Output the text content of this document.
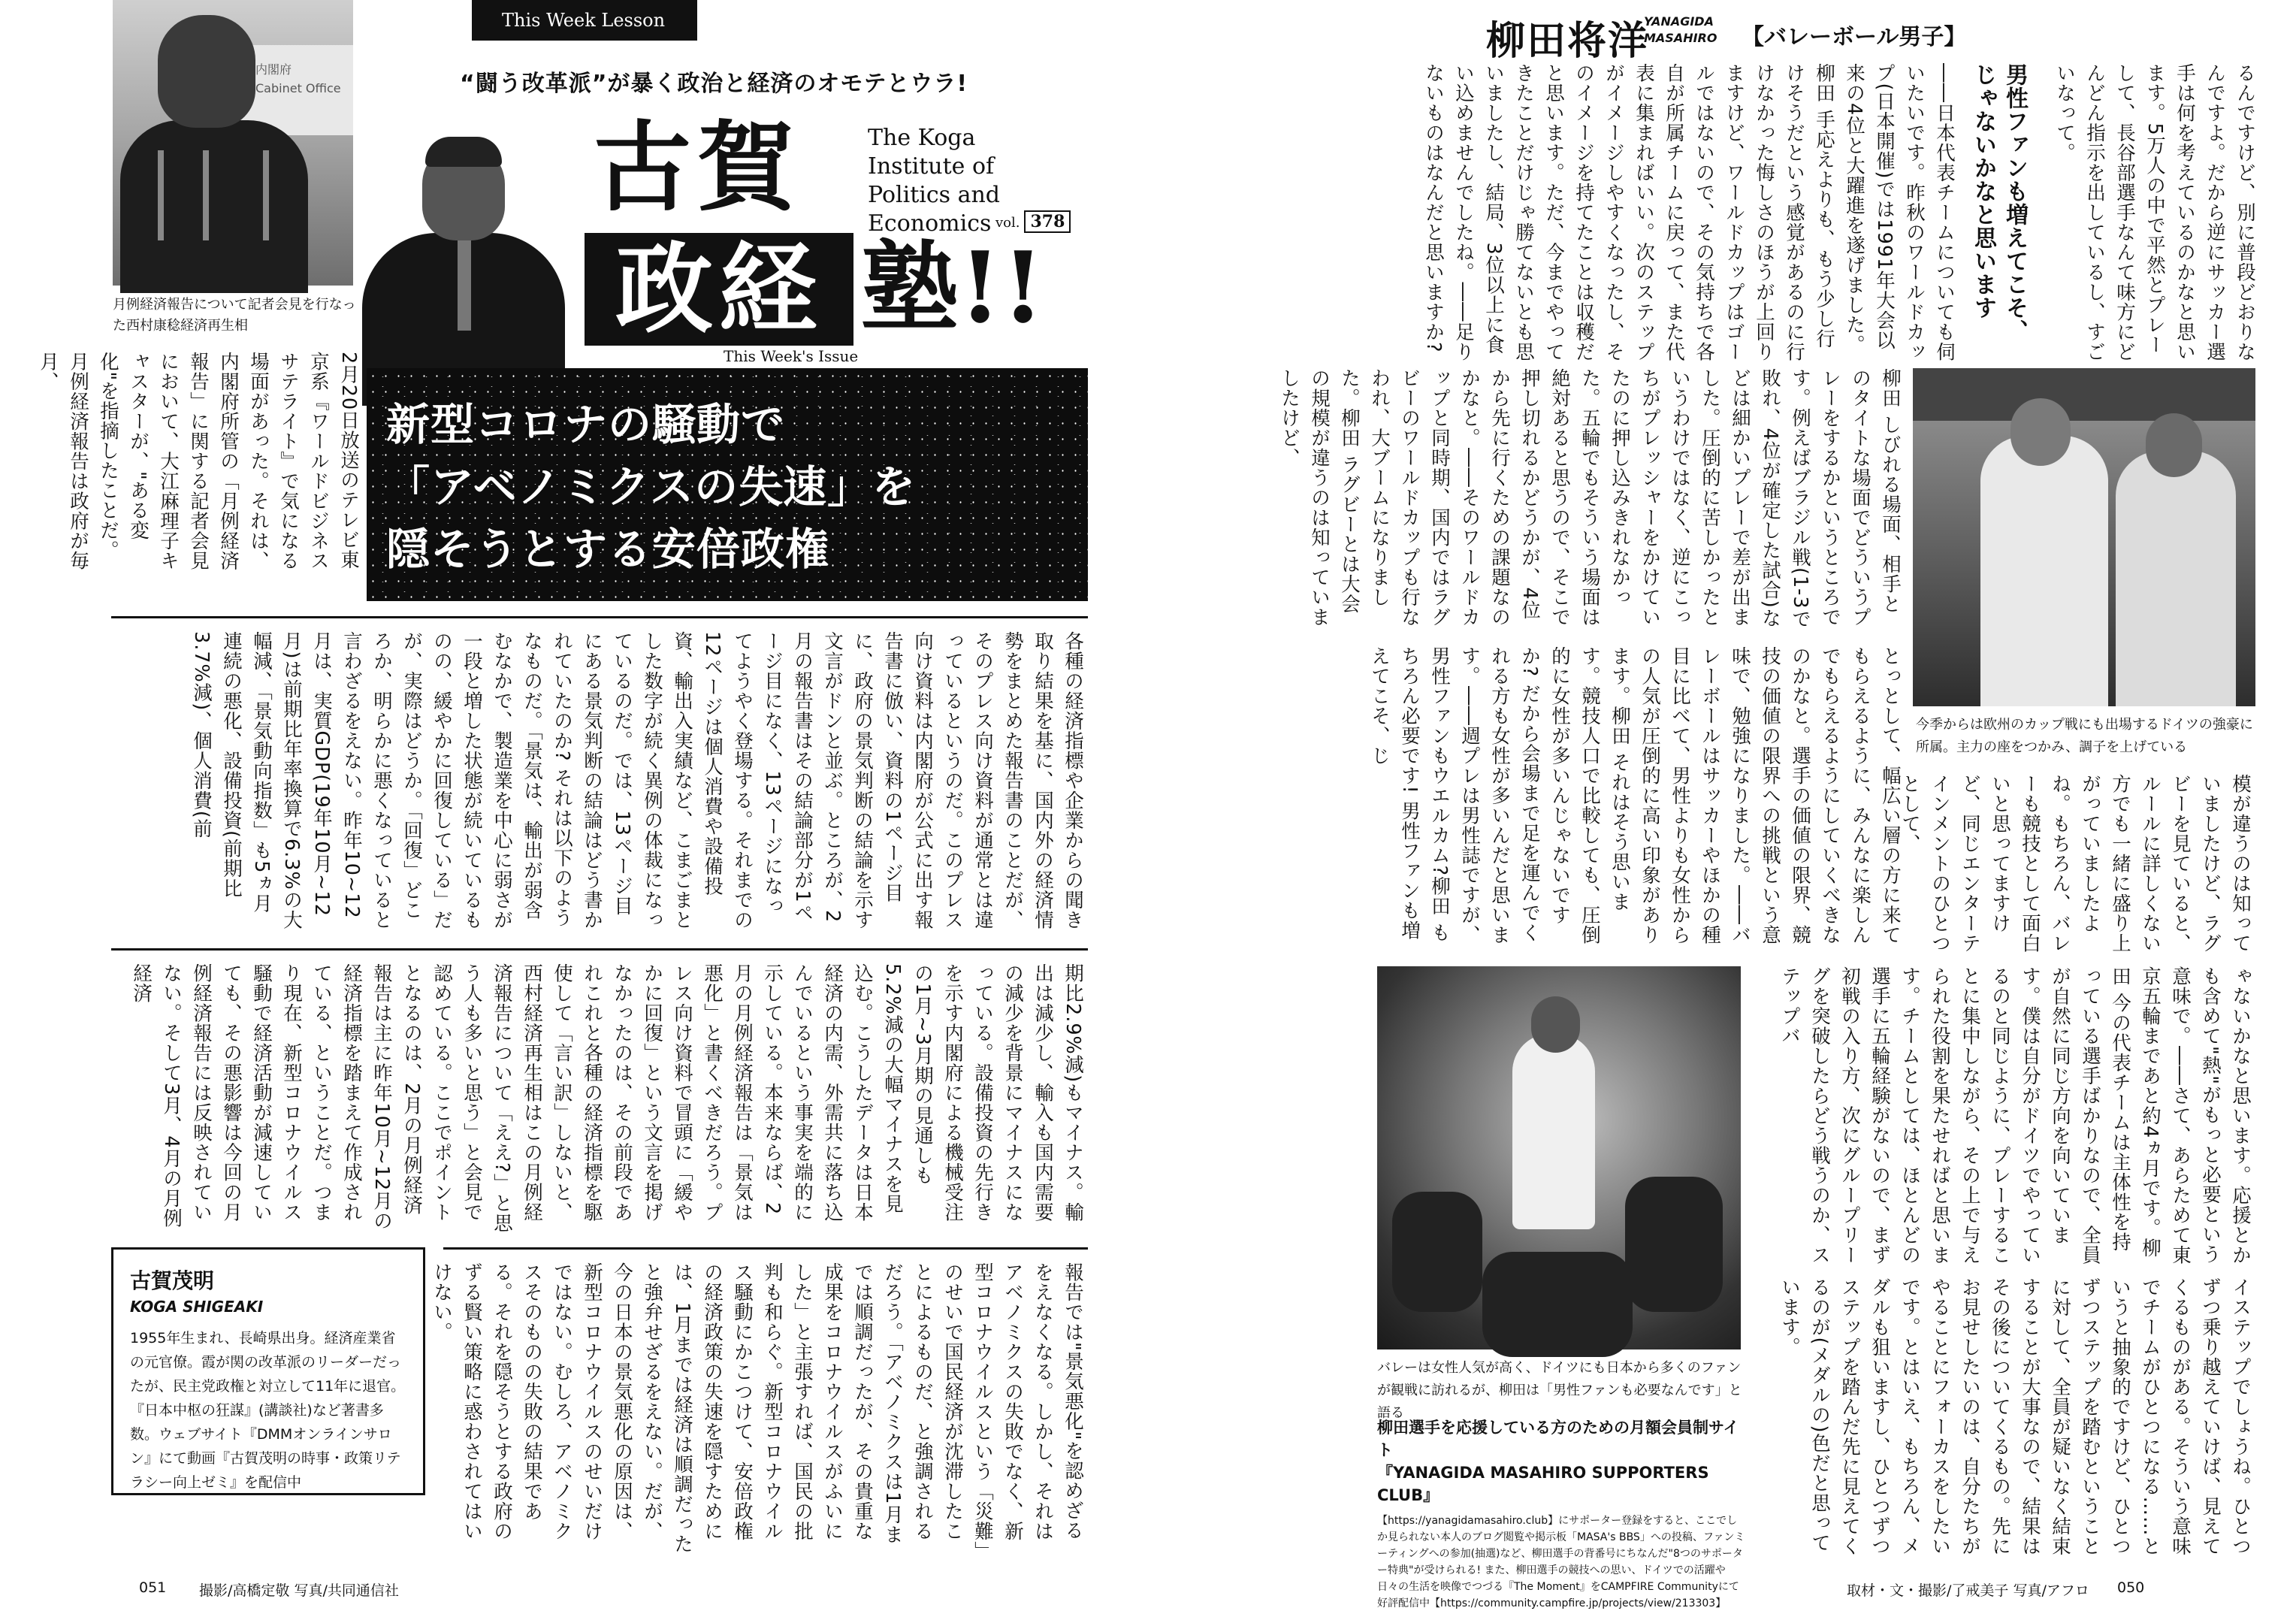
内閣府
Cabinet Office
月例経済報告について記者会見を行なった西村康稔経済再生相
This Week Lesson
“闘う改革派”が暴く政治と経済のオモテとウラ!
古賀
政経 塾!!
The Koga Institute of Politics and Economics vol. 378
This Week's Issue
新型コロナの騒動で
「アベノミクスの失速」を
隠そうとする安倍政権
2月20日放送のテレビ東京系『ワールドビジネスサテライト』で気になる場面があった。それは、内閣府所管の「月例経済報告」に関する記者会見において、大江麻理子キャスターが、"ある変化"を指摘したことだ。月例経済報告は政府が毎月、
各種の経済指標や企業からの聞き取り結果を基に、国内外の経済情勢をまとめた報告書のことだが、そのプレス向け資料が通常とは違っているというのだ。このプレス向け資料は内閣府が公式に出す報告書に倣い、資料の1ページ目に、政府の景気判断の結論を示す文言がドンと並ぶ。ところが、2月の報告書はその結論部分が1ページ目になく、13ページになってようやく登場する。それまでの12ページは個人消費や設備投資、輸出入実績など、こまごまとした数字が続く異例の体裁になっているのだ。では、13ページ目にある景気判断の結論はどう書かれていたのか? それは以下のようなものだ。「景気は、輸出が弱含むなかで、製造業を中心に弱さが一段と増した状態が続いているものの、緩やかに回復している」だが、実際はどうか。「回復」どころか、明らかに悪くなっていると言わざるをえない。昨年10~12月は、実質GDP(19年10月~12月)は前期比年率換算で6.3%の大幅減、「景気動向指数」も5ヵ月連続の悪化、設備投資(前期比3.7%減)、個人消費(前
期比2.9%減)もマイナス。輸出は減少し、輸入も国内需要の減少を背景にマイナスになっている。設備投資の先行きを示す内閣府による機械受注の1月~3月期の見通しも5.2%減の大幅マイナスを見込む。こうしたデータは日本経済の内需、外需共に落ち込んでいるという事実を端的に示している。本来ならば、2月の月例経済報告は「景気は悪化」と書くべきだろう。プレス向け資料で冒頭に「緩やかに回復」という文言を掲げなかったのは、その前段であれこれと各種の経済指標を駆使して「言い訳」しないと、西村経済再生相はこの月例経済報告について「ええ?」と思う人も多いと思う」と会見で認めている。ここでポイントとなるのは、2月の月例経済報告は主に昨年10月~12月の経済指標を踏まえて作成されている、ということだ。つまり現在、新型コロナウイルス騒動で経済活動が減速していても、その悪影響は今回の月例経済報告には反映されていない。そして3月、4月の月例経済
報告では"景気悪化"を認めざるをえなくなる。しかし、それはアベノミクスの失敗でなく、新型コロナウイルスという「災難」のせいで国民経済が沈滞したことによるものだ、と強調されるだろう。「アベノミクスは1月までは順調だったが、その貴重な成果をコロナウイルスがふいにした」と主張すれば、国民の批判も和らぐ。新型コロナウイルス騒動にかこつけて、安倍政権の経済政策の失速を隠すためには、1月までは経済は順調だったと強弁せざるをえない。だが、今の日本の景気悪化の原因は、新型コロナウイルスのせいだけではない。むしろ、アベノミクスそのものの失敗の結果である。それを隠そうとする政府のずる賢い策略に惑わされてはいけない。
古賀茂明
KOGA SHIGEAKI
1955年生まれ、長崎県出身。経済産業省の元官僚。霞が関の改革派のリーダーだったが、民主党政権と対立して11年に退官。『日本中枢の狂謀』(講談社)など著書多数。ウェブサイト『DMMオンラインサロン』にて動画『古賀茂明の時事・政策リテラシー向上ゼミ』を配信中
051 撮影/高橋定敬 写真/共同通信社
柳田将洋
YANAGIDA
MASAHIRO 【バレーボール男子】
るんですけど、別に普段どおりなんですよ。だから逆にサッカー選手は何を考えているのかなと思います。5万人の中で平然とプレーして、長谷部選手なんて味方にどんどん指示を出しているし、すごいなって。
男性ファンも増えてこそ、じゃないかなと思います
――日本代表チームについても伺いたいです。昨秋のワールドカップ(日本開催)では1991年大会以来の4位と大躍進を遂げました。柳田 手応えよりも、もう少し行けそうだという感覚があるのに行けなかった悔しさのほうが上回りますけど、ワールドカップはゴールではないので、その気持ちで各自が所属チームに戻って、また代表に集まればいい。次のステップがイメージしやすくなったし、そのイメージを持てたことは収穫だと思います。ただ、今までやってきたことだけじゃ勝てないとも思いましたし、結局、3位以上に食い込めませんでしたね。――足りないものはなんだと思いますか?
柳田 しびれる場面、相手とのタイトな場面でどういうプレーをするかというところです。例えばブラジル戦(1-3で敗れ、4位が確定した試合)などは細かいプレーで差が出ました。圧倒的に苦しかったというわけではなく、逆にこっちがプレッシャーをかけていたのに押し込みきれなかった。五輪でもそういう場面は絶対あると思うので、そこで押し切れるかどうかが、4位から先に行くための課題なのかなと。――そのワールドカップと同時期、国内ではラグビーのワールドカップも行なわれ、大ブームになりました。柳田 ラグビーとは大会の規模が違うのは知っていましたけど、
今季からは欧州のカップ戦にも出場するドイツの強豪に所属。主力の座をつかみ、調子を上げている
とっとして、幅広い層の方に来てもらえるように、みんなに楽しんでもらえるようにしていくべきなのかなと。選手の価値の限界、競技の価値の限界への挑戦という意味で、勉強になりました。――バレーボールはサッカーやほかの種目に比べて、男性よりも女性からの人気が圧倒的に高い印象があります。柳田 それはそう思います。競技人口で比較しても、圧倒的に女性が多いんじゃないですか? だから会場まで足を運んでくれる方も女性が多いんだと思います。――週プレは男性誌ですが、男性ファンもウエルカム?柳田 もちろん必要です! 男性ファンも増えてこそ、じ
模が違うのは知っていましたけど、ラグビーを見ていると、ルールに詳しくない方でも一緒に盛り上がっていましたよね。もちろん、バレーも競技として面白いと思ってますけど、同じエンターテインメントのひとつとして、
バレーは女性人気が高く、ドイツにも日本から多くのファンが観戦に訪れるが、柳田は「男性ファンも必要なんです」と語る
柳田選手を応援している方のための月額会員制サイト
『YANAGIDA MASAHIRO SUPPORTERS CLUB』
【https://yanagidamasahiro.club】にサポーター登録をすると、ここでしか見られない本人のブログ閲覧や掲示板「MASA's BBS」への投稿、ファンミーティングへの参加(抽選)など、柳田選手の背番号にちなんだ"8つのサポーター特典"が受けられる! また、柳田選手の競技への思い、ドイツでの活躍や日々の生活を映像でつづる『The Moment』をCAMPFIRE Communityにて好評配信中【https://community.campfire.jp/projects/view/213303】
ゃないかなと思います。応援とかも含めて"熱"がもっと必要という意味で。――さて、あらためて東京五輪まであと約4ヵ月です。柳田 今の代表チームは主体性を持っている選手ばかりなので、全員が自然に同じ方向を向いています。僕は自分がドイツでやっているのと同じように、プレーすることに集中しながら、その上で与えられた役割を果たせればと思います。チームとしては、ほとんどの選手に五輪経験がないので、まず初戦の入り方、次にグループリーグを突破したらどう戦うのか、ステップバ
イステップでしょうね。ひとつずつ乗り越えていけば、見えてくるものがある。そういう意味でチームがひとつになる……というと抽象的ですけど、ひとつずつステップを踏むということに対して、全員が疑いなく結束することが大事なので、結果はその後についてくるもの。先にお見せしたいのは、自分たちがやることにフォーカスをしたいです。とはいえ、もちろん、メダルも狙いますし、ひとつずつステップを踏んだ先に見えてくるのが(メダルの)色だと思っています。
取材・文・撮影/了戒美子 写真/アフロ 050
